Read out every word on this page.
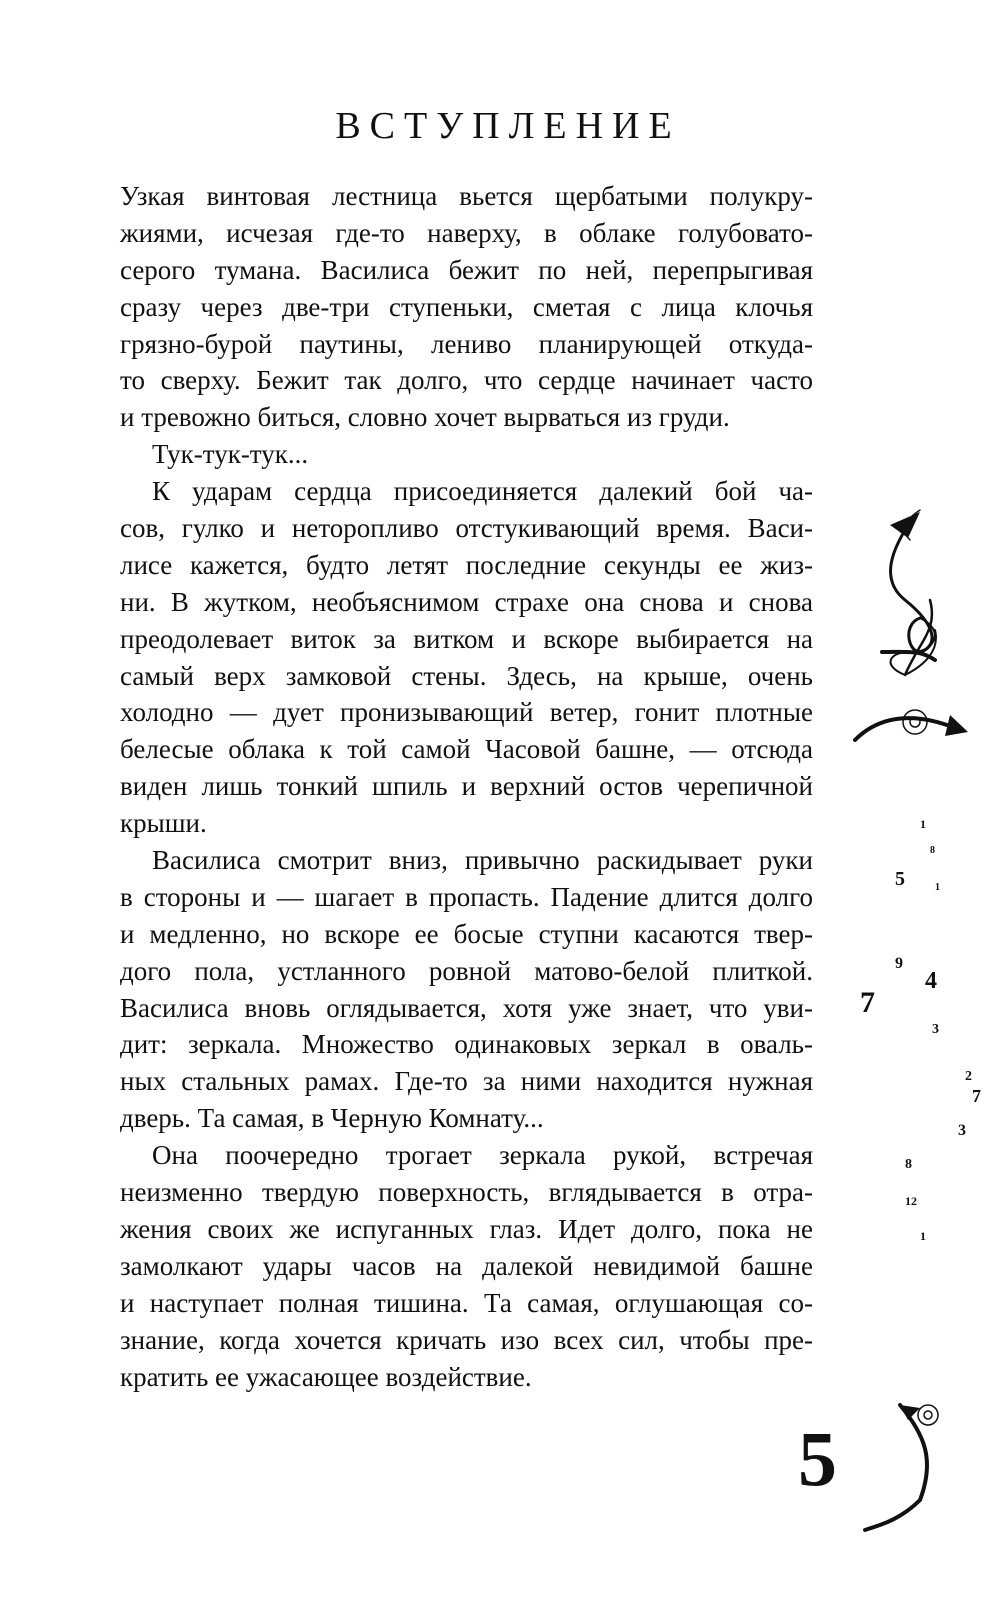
ВСТУПЛЕНИЕ
Узкая винтовая лестница вьется щербатыми полукру-
жиями, исчезая где-то наверху, в облаке голубовато-
серого тумана. Василиса бежит по ней, перепрыгивая
сразу через две-три ступеньки, сметая с лица клочья
грязно-бурой паутины, лениво планирующей откуда-
то сверху. Бежит так долго, что сердце начинает часто
и тревожно биться, словно хочет вырваться из груди.
Тук-тук-тук...
К ударам сердца присоединяется далекий бой ча-
сов, гулко и неторопливо отстукивающий время. Васи-
лисе кажется, будто летят последние секунды ее жиз-
ни. В жутком, необъяснимом страхе она снова и снова
преодолевает виток за витком и вскоре выбирается на
самый верх замковой стены. Здесь, на крыше, очень
холодно — дует пронизывающий ветер, гонит плотные
белесые облака к той самой Часовой башне, — отсюда
виден лишь тонкий шпиль и верхний остов черепичной
крыши.
Василиса смотрит вниз, привычно раскидывает руки
в стороны и — шагает в пропасть. Падение длится долго
и медленно, но вскоре ее босые ступни касаются твер-
дого пола, устланного ровной матово-белой плиткой.
Василиса вновь оглядывается, хотя уже знает, что уви-
дит: зеркала. Множество одинаковых зеркал в оваль-
ных стальных рамах. Где-то за ними находится нужная
дверь. Та самая, в Черную Комнату...
Она поочередно трогает зеркала рукой, встречая
неизменно твердую поверхность, вглядывается в отра-
жения своих же испуганных глаз. Идет долго, пока не
замолкают удары часов на далекой невидимой башне
и наступает полная тишина. Та самая, оглушающая со-
знание, когда хочется кричать изо всех сил, чтобы пре-
кратить ее ужасающее воздействие.
1
8
5	1
9
4
7
3
2
7
3
8
12
1
5
